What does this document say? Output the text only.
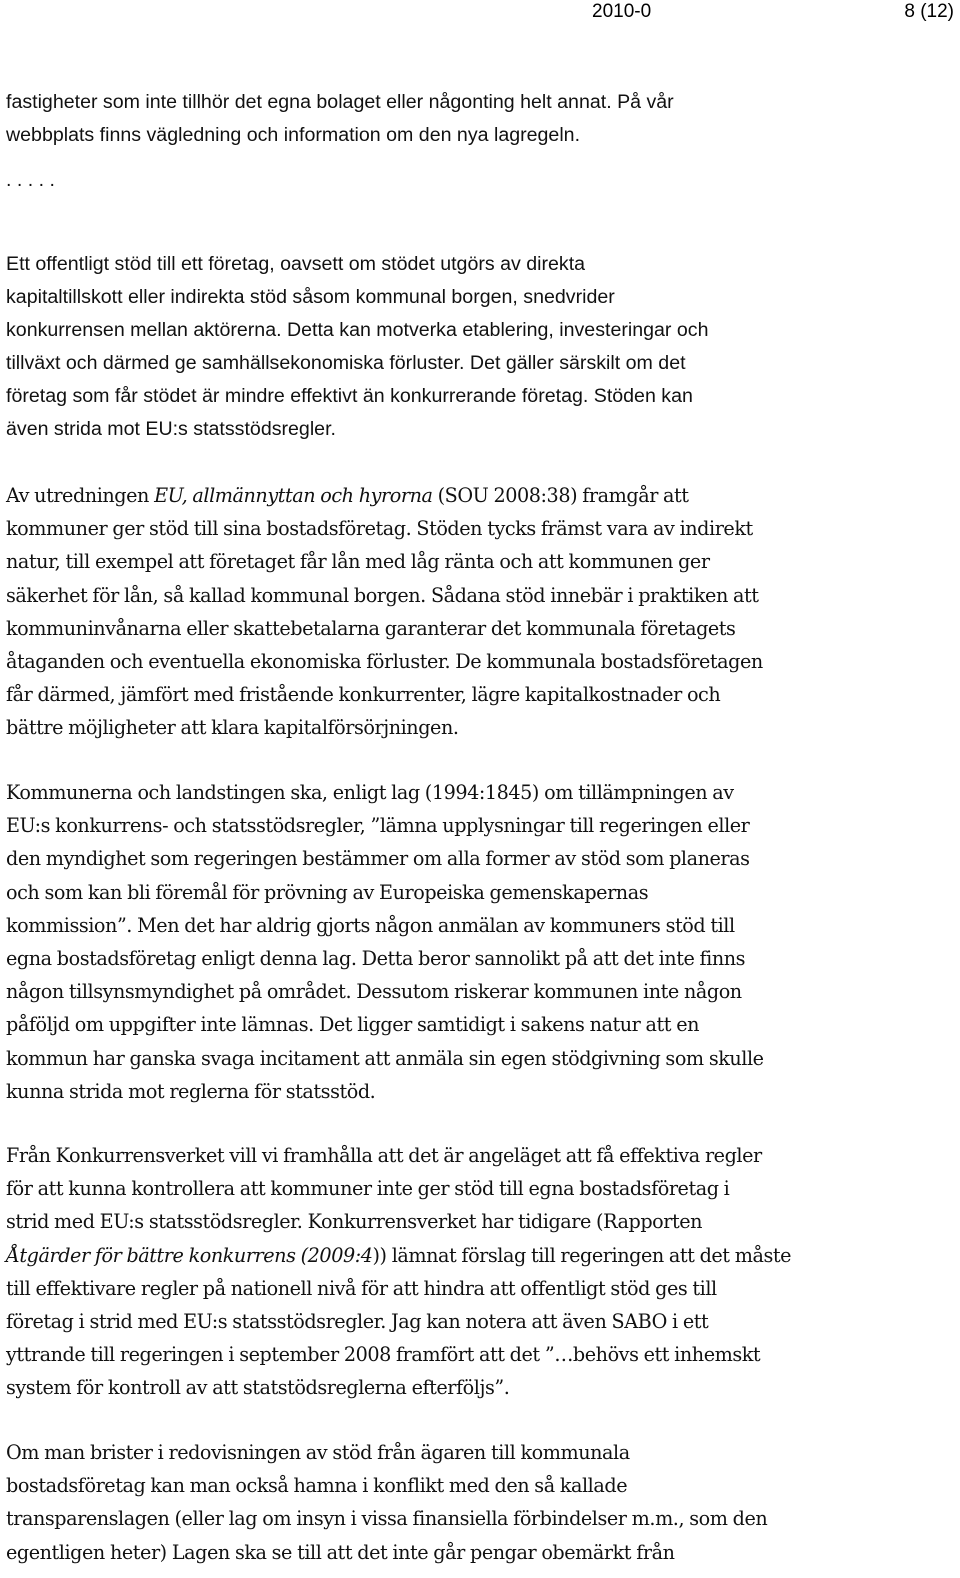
2010-0	8 (12)
fastigheter som inte tillhör det egna bolaget eller någonting helt annat. På vår
webbplats finns vägledning och information om den nya lagregeln.
. . . . .
Ett offentligt stöd till ett företag, oavsett om stödet utgörs av direkta
kapitaltillskott eller indirekta stöd såsom kommunal borgen, snedvrider
konkurrensen mellan aktörerna. Detta kan motverka etablering, investeringar och
tillväxt och därmed ge samhällsekonomiska förluster. Det gäller särskilt om det
företag som får stödet är mindre effektivt än konkurrerande företag. Stöden kan
även strida mot EU:s statsstödsregler.
Av utredningen EU, allmännyttan och hyrorna (SOU 2008:38) framgår att
kommuner ger stöd till sina bostadsföretag. Stöden tycks främst vara av indirekt
natur, till exempel att företaget får lån med låg ränta och att kommunen ger
säkerhet för lån, så kallad kommunal borgen. Sådana stöd innebär i praktiken att
kommuninvånarna eller skattebetalarna garanterar det kommunala företagets
åtaganden och eventuella ekonomiska förluster. De kommunala bostadsföretagen
får därmed, jämfört med fristående konkurrenter, lägre kapitalkostnader och
bättre möjligheter att klara kapitalförsörjningen.
Kommunerna och landstingen ska, enligt lag (1994:1845) om tillämpningen av
EU:s konkurrens- och statsstödsregler, ”lämna upplysningar till regeringen eller
den myndighet som regeringen bestämmer om alla former av stöd som planeras
och som kan bli föremål för prövning av Europeiska gemenskapernas
kommission”. Men det har aldrig gjorts någon anmälan av kommuners stöd till
egna bostadsföretag enligt denna lag. Detta beror sannolikt på att det inte finns
någon tillsynsmyndighet på området. Dessutom riskerar kommunen inte någon
påföljd om uppgifter inte lämnas. Det ligger samtidigt i sakens natur att en
kommun har ganska svaga incitament att anmäla sin egen stödgivning som skulle
kunna strida mot reglerna för statsstöd.
Från Konkurrensverket vill vi framhålla att det är angeläget att få effektiva regler
för att kunna kontrollera att kommuner inte ger stöd till egna bostadsföretag i
strid med EU:s statsstödsregler. Konkurrensverket har tidigare (Rapporten
Åtgärder för bättre konkurrens (2009:4)) lämnat förslag till regeringen att det måste
till effektivare regler på nationell nivå för att hindra att offentligt stöd ges till
företag i strid med EU:s statsstödsregler. Jag kan notera att även SABO i ett
yttrande till regeringen i september 2008 framfört att det ”…behövs ett inhemskt
system för kontroll av att statstödsreglerna efterföljs”.
Om man brister i redovisningen av stöd från ägaren till kommunala
bostadsföretag kan man också hamna i konflikt med den så kallade
transparenslagen (eller lag om insyn i vissa finansiella förbindelser m.m., som den
egentligen heter) Lagen ska se till att det inte går pengar obemärkt från
